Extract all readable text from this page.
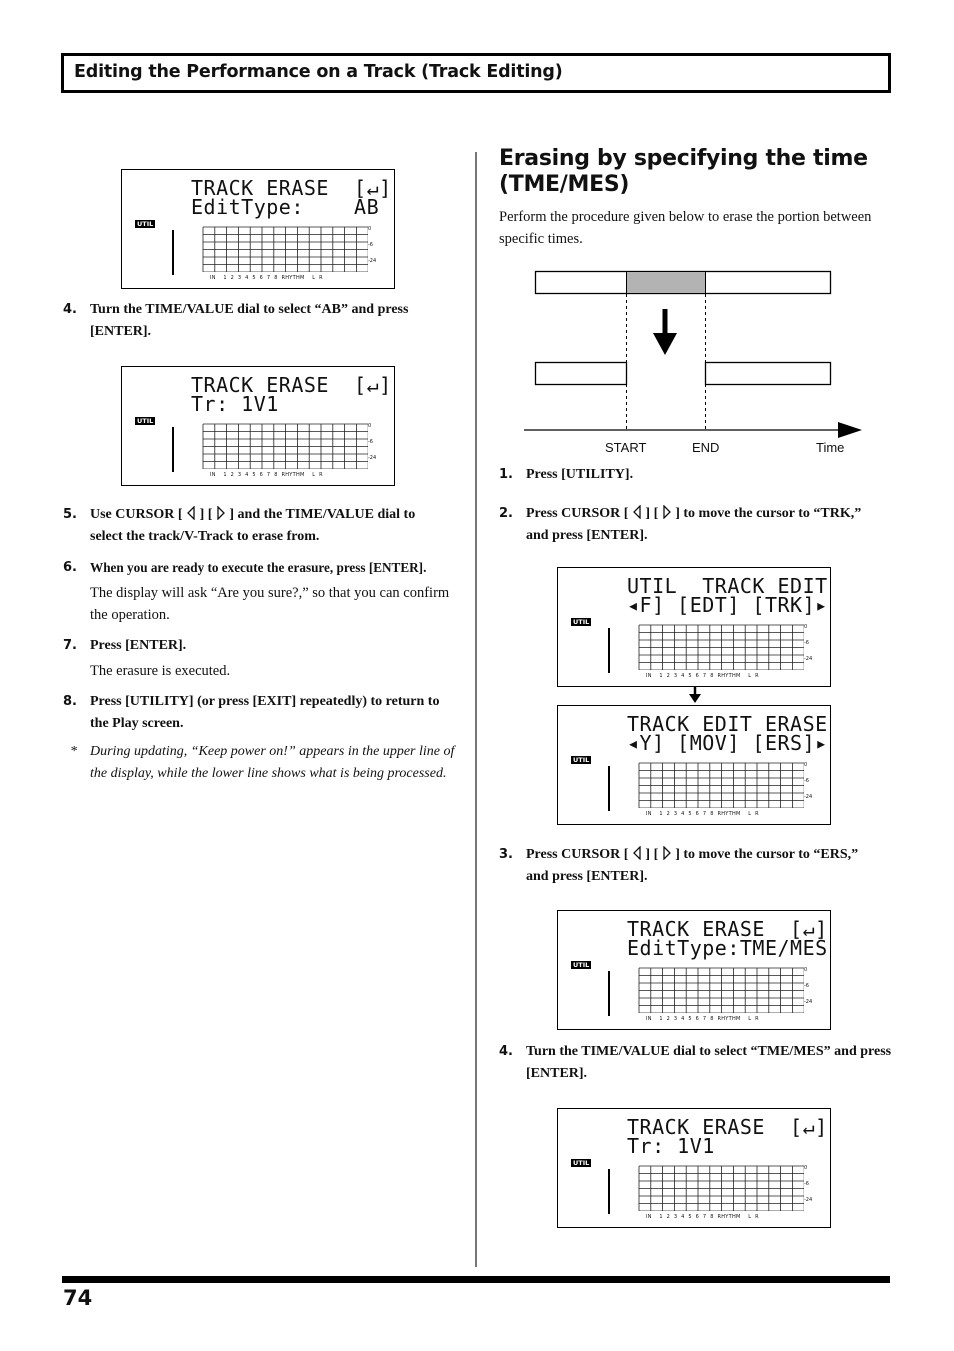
Editing the Performance on a Track (Track Editing)
TRACK ERASE  [↵]
EditType:    AB
UTIL
0
-6
-24
IN    1  2  3  4  5  6  7  8  RHYTHM    L  R
4. Turn the TIME/VALUE dial to select “AB” and press [ENTER].
TRACK ERASE  [↵]
Tr: 1V1
UTIL
0
-6
-24
IN    1  2  3  4  5  6  7  8  RHYTHM    L  R
5. Use CURSOR [ ] [ ] and the TIME/VALUE dial to
select the track/V-Track to erase from.
6. When you are ready to execute the erasure, press [ENTER].
The display will ask “Are you sure?,” so that you can confirm the operation.
7. Press [ENTER].
The erasure is executed.
8. Press [UTILITY] (or press [EXIT] repeatedly) to return to the Play screen.
* During updating, “Keep power on!” appears in the upper line of the display, while the lower line shows what is being processed.
Erasing by specifying the time (TME/MES)
Perform the procedure given below to erase the portion between specific times.
START	END	Time
1. Press [UTILITY].
2. Press CURSOR [ ] [ ] to move the cursor to “TRK,”
and press [ENTER].
UTIL  TRACK EDIT
◂F] [EDT] [TRK]▸
UTIL
0
-6
-24
IN    1  2  3  4  5  6  7  8  RHYTHM    L  R
TRACK EDIT ERASE
◂Y] [MOV] [ERS]▸
UTIL
0
-6
-24
IN    1  2  3  4  5  6  7  8  RHYTHM    L  R
3. Press CURSOR [ ] [ ] to move the cursor to “ERS,”
and press [ENTER].
TRACK ERASE  [↵]
EditType:TME/MES
UTIL
0
-6
-24
IN    1  2  3  4  5  6  7  8  RHYTHM    L  R
4. Turn the TIME/VALUE dial to select “TME/MES” and press [ENTER].
TRACK ERASE  [↵]
Tr: 1V1
UTIL
0
-6
-24
IN    1  2  3  4  5  6  7  8  RHYTHM    L  R
74
